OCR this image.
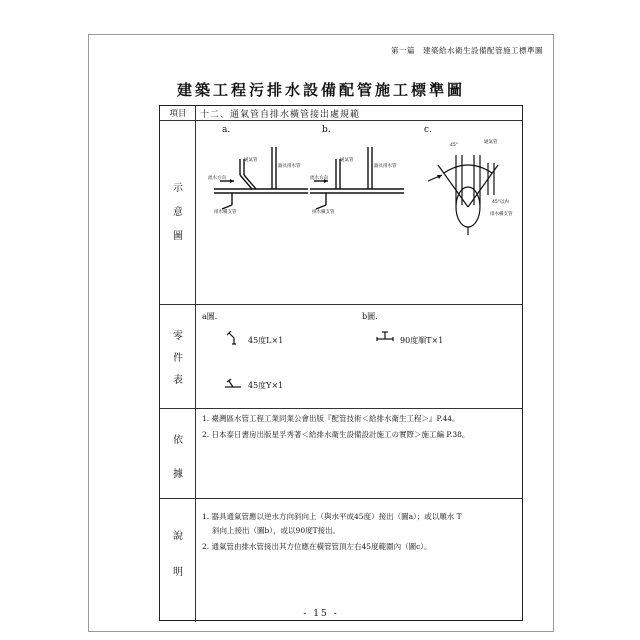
第一篇　建築給水衛生設備配管施工標準圖
建築工程污排水設備配管施工標準圖
項目	十二、通氣管自排水橫管接出處規範
示
意
圖
a.
器具排水管
通氣管
流水方向
排水橫支管
b.
器具排水管
通氣管
流水方向
排水橫支管
c.
通氣管
45°
45°以內
排水橫支管
零
件
表
a圖.	b圖.
45度L×1
45度Y×1
90度順T×1
依
據
1. 臺灣區水管工程工業同業公會出版『配管技術＜給排水衛生工程＞』P.44。
2. 日本泰日書房出版星孚秀著＜給排水衛生設備設計施工の實際＞施工編 P.38。
說
明
1. 器具通氣管應以逆水方向斜向上（與水平成45度）接出（圖a）；或以順水 T
斜向上接出（圖b），或以90度T接出。
2. 通氣管由排水管接出其方位應在橫管管頂左右45度範圍內（圖c）。
- 15 -
